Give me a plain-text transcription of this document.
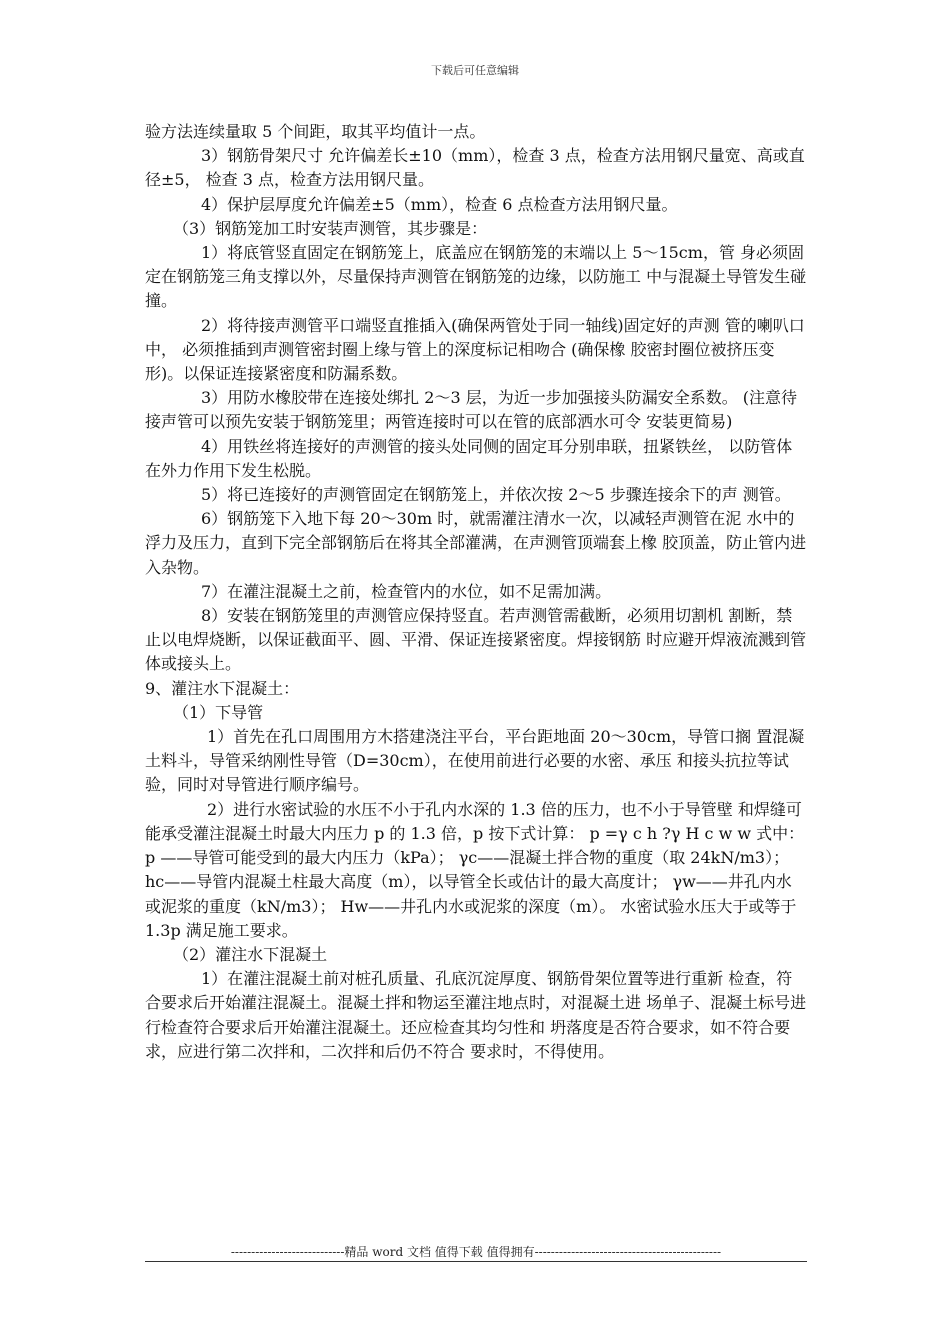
下载后可任意编辑

验方法连续量取 5 个间距，取其平均值计一点。

3）钢筋骨架尺寸 允许偏差长±10（mm），检查 3 点，检查方法用钢尺量宽、高或直径±5， 检查 3 点，检查方法用钢尺量。

4）保护层厚度允许偏差±5（mm），检查 6 点检查方法用钢尺量。

（3）钢筋笼加工时安装声测管，其步骤是：

1）将底管竖直固定在钢筋笼上，底盖应在钢筋笼的末端以上 5～15cm，管 身必须固定在钢筋笼三角支撑以外，尽量保持声测管在钢筋笼的边缘，以防施工 中与混凝土导管发生碰撞。

2）将待接声测管平口端竖直推插入(确保两管处于同一轴线)固定好的声测 管的喇叭口中， 必须推插到声测管密封圈上缘与管上的深度标记相吻合 (确保橡 胶密封圈位被挤压变形)。以保证连接紧密度和防漏系数。

3）用防水橡胶带在连接处绑扎 2～3 层，为近一步加强接头防漏安全系数。 (注意待接声管可以预先安装于钢筋笼里；两管连接时可以在管的底部洒水可令 安装更简易)

4）用铁丝将连接好的声测管的接头处同侧的固定耳分别串联，扭紧铁丝， 以防管体在外力作用下发生松脱。

5）将已连接好的声测管固定在钢筋笼上，并依次按 2～5 步骤连接余下的声 测管。

6）钢筋笼下入地下每 20～30m 时，就需灌注清水一次，以减轻声测管在泥 水中的浮力及压力，直到下完全部钢筋后在将其全部灌满，在声测管顶端套上橡 胶顶盖，防止管内进入杂物。

7）在灌注混凝土之前，检查管内的水位，如不足需加满。

8）安装在钢筋笼里的声测管应保持竖直。若声测管需截断，必须用切割机 割断，禁止以电焊烧断，以保证截面平、圆、平滑、保证连接紧密度。焊接钢筋 时应避开焊液流溅到管体或接头上。

9、灌注水下混凝土：

（1）下导管

1）首先在孔口周围用方木搭建浇注平台，平台距地面 20～30cm，导管口搁 置混凝土料斗，导管采纳刚性导管（D=30cm），在使用前进行必要的水密、承压 和接头抗拉等试验，同时对导管进行顺序编号。

2）进行水密试验的水压不小于孔内水深的 1.3 倍的压力，也不小于导管壁 和焊缝可能承受灌注混凝土时最大内压力 p 的 1.3 倍，p 按下式计算： p =γ c h ?γ H c w w 式中：p ——导管可能受到的最大内压力（kPa）； γc——混凝土拌合物的重度（取 24kN/m3）； hc——导管内混凝土柱最大高度（m），以导管全长或估计的最大高度计； γw——井孔内水或泥浆的重度（kN/m3）； Hw——井孔内水或泥浆的深度（m）。 水密试验水压大于或等于 1.3p 满足施工要求。

（2）灌注水下混凝土

1）在灌注混凝土前对桩孔质量、孔底沉淀厚度、钢筋骨架位置等进行重新 检查，符合要求后开始灌注混凝土。混凝土拌和物运至灌注地点时，对混凝土进 场单子、混凝土标号进行检查符合要求后开始灌注混凝土。还应检查其均匀性和 坍落度是否符合要求，如不符合要求，应进行第二次拌和，二次拌和后仍不符合 要求时，不得使用。

----------------------------精品 word 文档 值得下载 值得拥有----------------------------------------------
